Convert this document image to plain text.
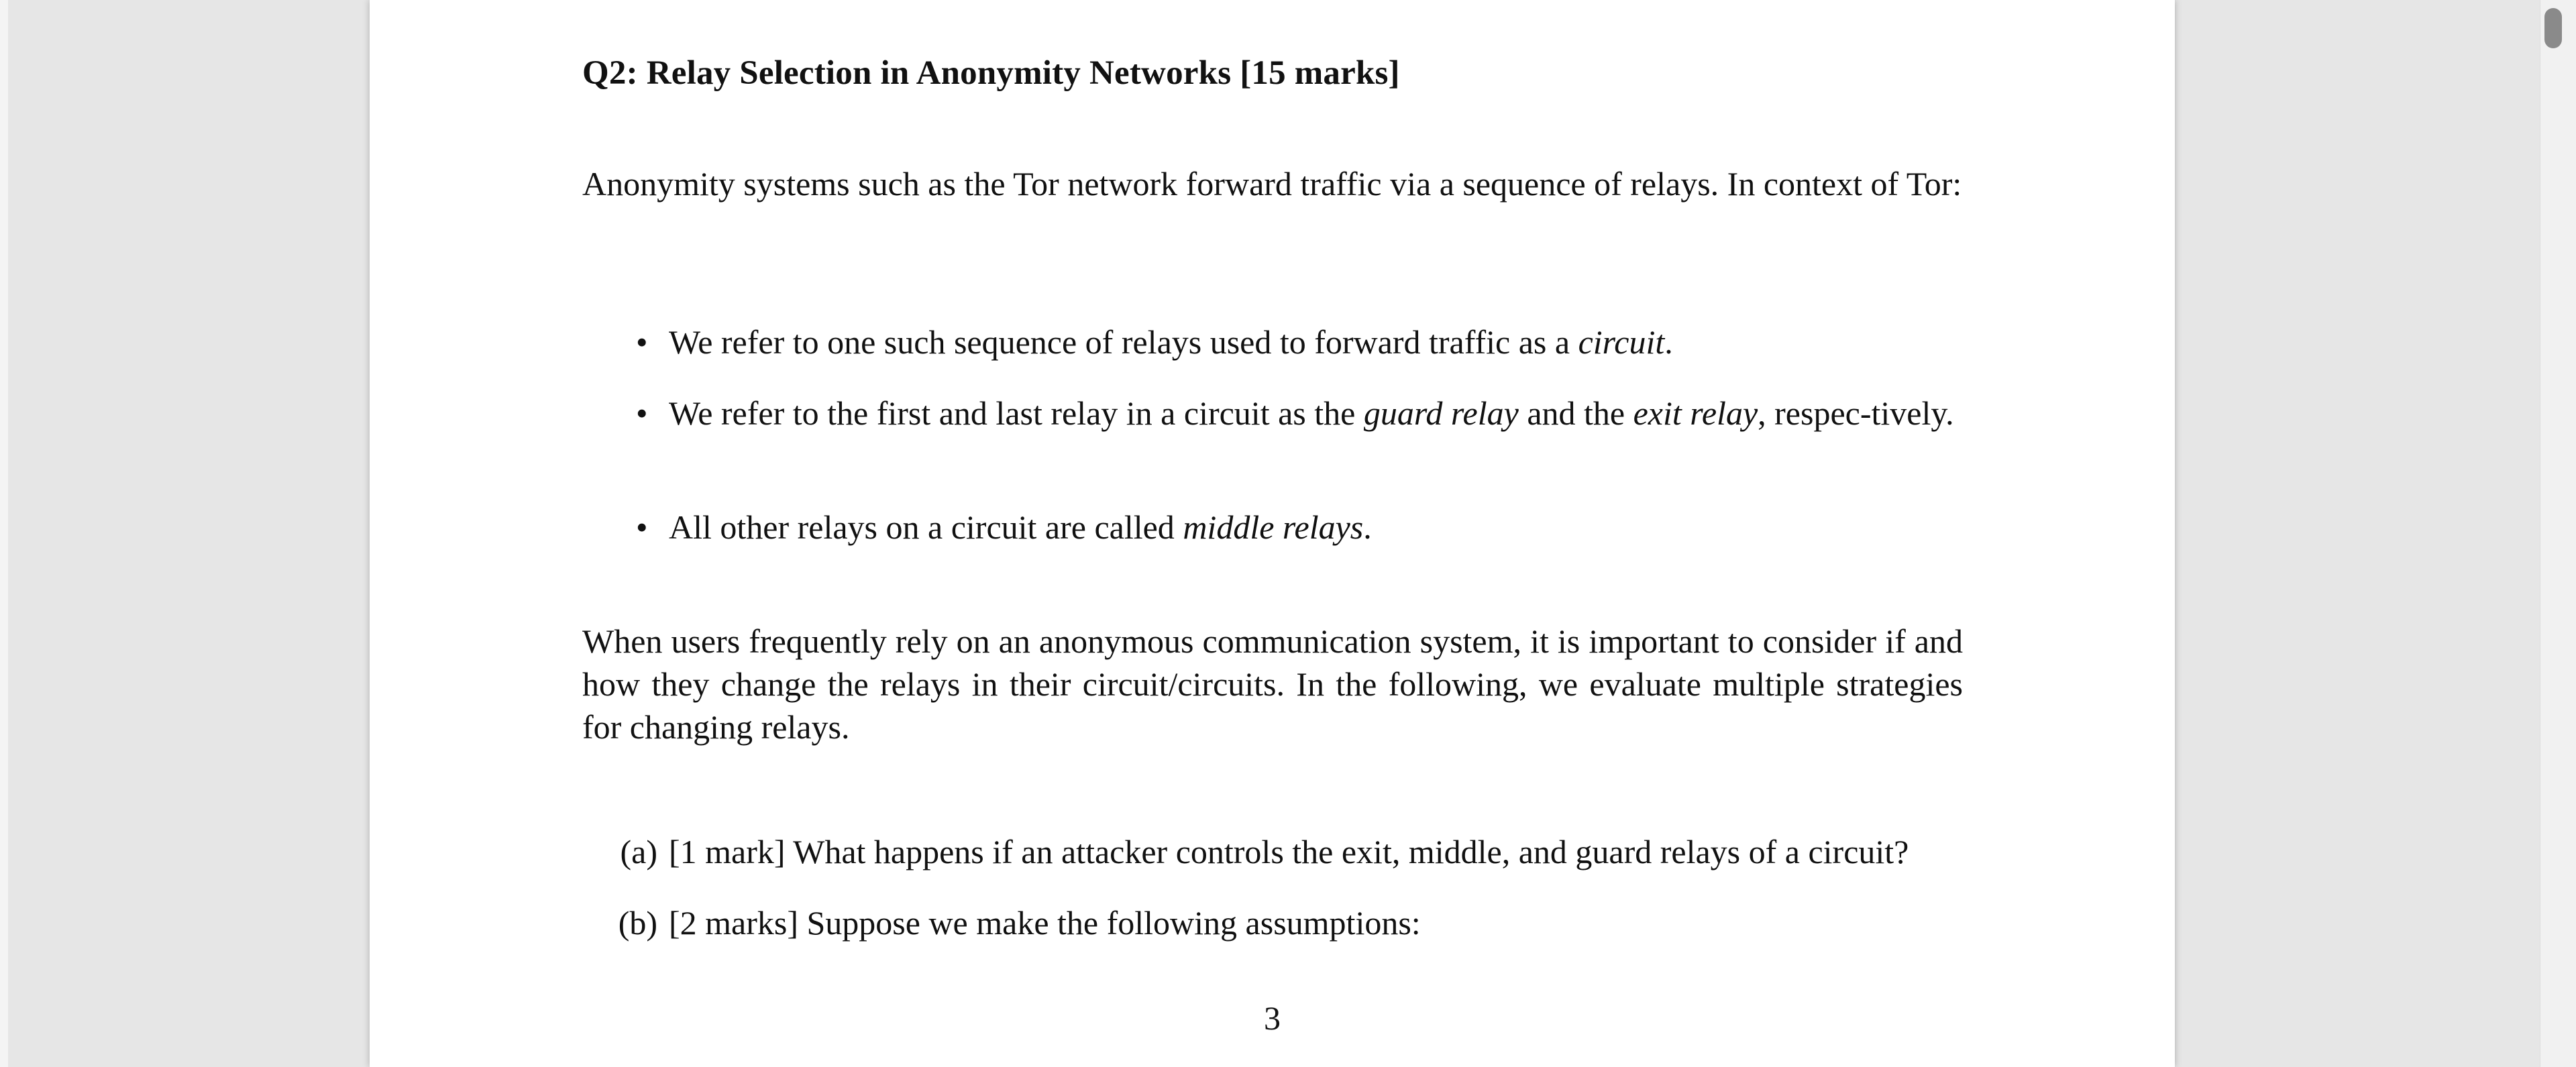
Q2: Relay Selection in Anonymity Networks [15 marks]
Anonymity systems such as the Tor network forward traffic via a sequence of relays. In context of Tor:
• We refer to one such sequence of relays used to forward traffic as a circuit.
• We refer to the first and last relay in a circuit as the guard relay and the exit relay, respec-tively.
• All other relays on a circuit are called middle relays.
When users frequently rely on an anonymous communication system, it is important to consider if and how they change the relays in their circuit/circuits. In the following, we evaluate multiple strategies for changing relays.
(a) [1 mark] What happens if an attacker controls the exit, middle, and guard relays of a circuit?
(b) [2 marks] Suppose we make the following assumptions:
3
